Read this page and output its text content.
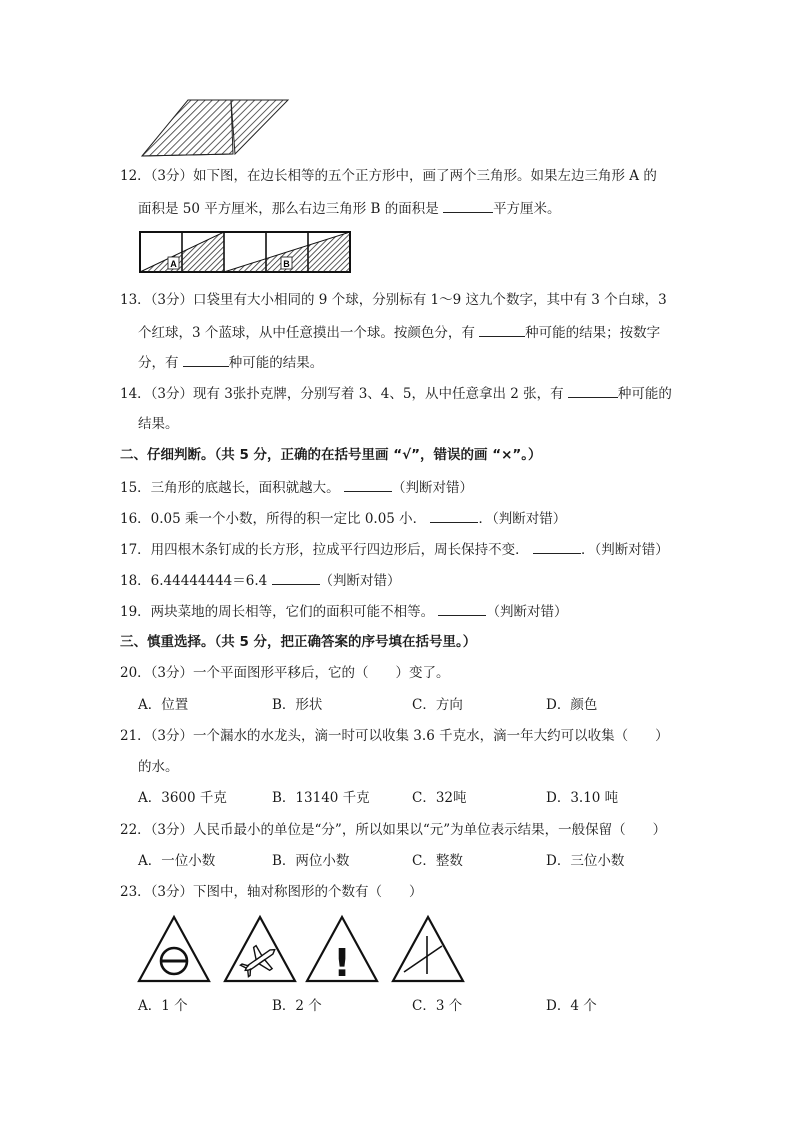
12．（3分）如下图，在边长相等的五个正方形中，画了两个三角形。如果左边三角形 A 的
面积是 50 平方厘米，那么右边三角形 B 的面积是	平方厘米。
A	B
13．（3分）口袋里有大小相同的 9 个球，分别标有 1～9 这九个数字，其中有 3 个白球，3
个红球，3 个蓝球，从中任意摸出一个球。按颜色分，有	种可能的结果；按数字
分，有	种可能的结果。
14．（3分）现有 3张扑克牌，分别写着 3、4、5，从中任意拿出 2 张，有	种可能的
结果。
二、仔细判断。（共 5 分，正确的在括号里画 “√”，错误的画 “×”。）
15．三角形的底越长，面积就越大。	（判断对错）
16．0.05 乘一个小数，所得的积一定比 0.05 小．	．（判断对错）
17．用四根木条钉成的长方形，拉成平行四边形后，周长保持不变．	．（判断对错）
18．6.44444444＝6.4	（判断对错）
19．两块菜地的周长相等，它们的面积可能不相等。	（判断对错）
三、慎重选择。（共 5 分，把正确答案的序号填在括号里。）
20．（3分）一个平面图形平移后，它的（　　）变了。
A．位置	B．形状	C．方向	D．颜色
21．（3分）一个漏水的水龙头，滴一时可以收集 3.6 千克水，滴一年大约可以收集（　　）
的水。
A．3600 千克	B．13140 千克	C．32吨	D．3.10 吨
22．（3分）人民币最小的单位是“分”，所以如果以“元”为单位表示结果，一般保留（　　）
A．一位小数	B．两位小数	C．整数	D．三位小数
23．（3分）下图中，轴对称图形的个数有（　　）
!
A．1 个	B．2 个	C．3 个	D．4 个
